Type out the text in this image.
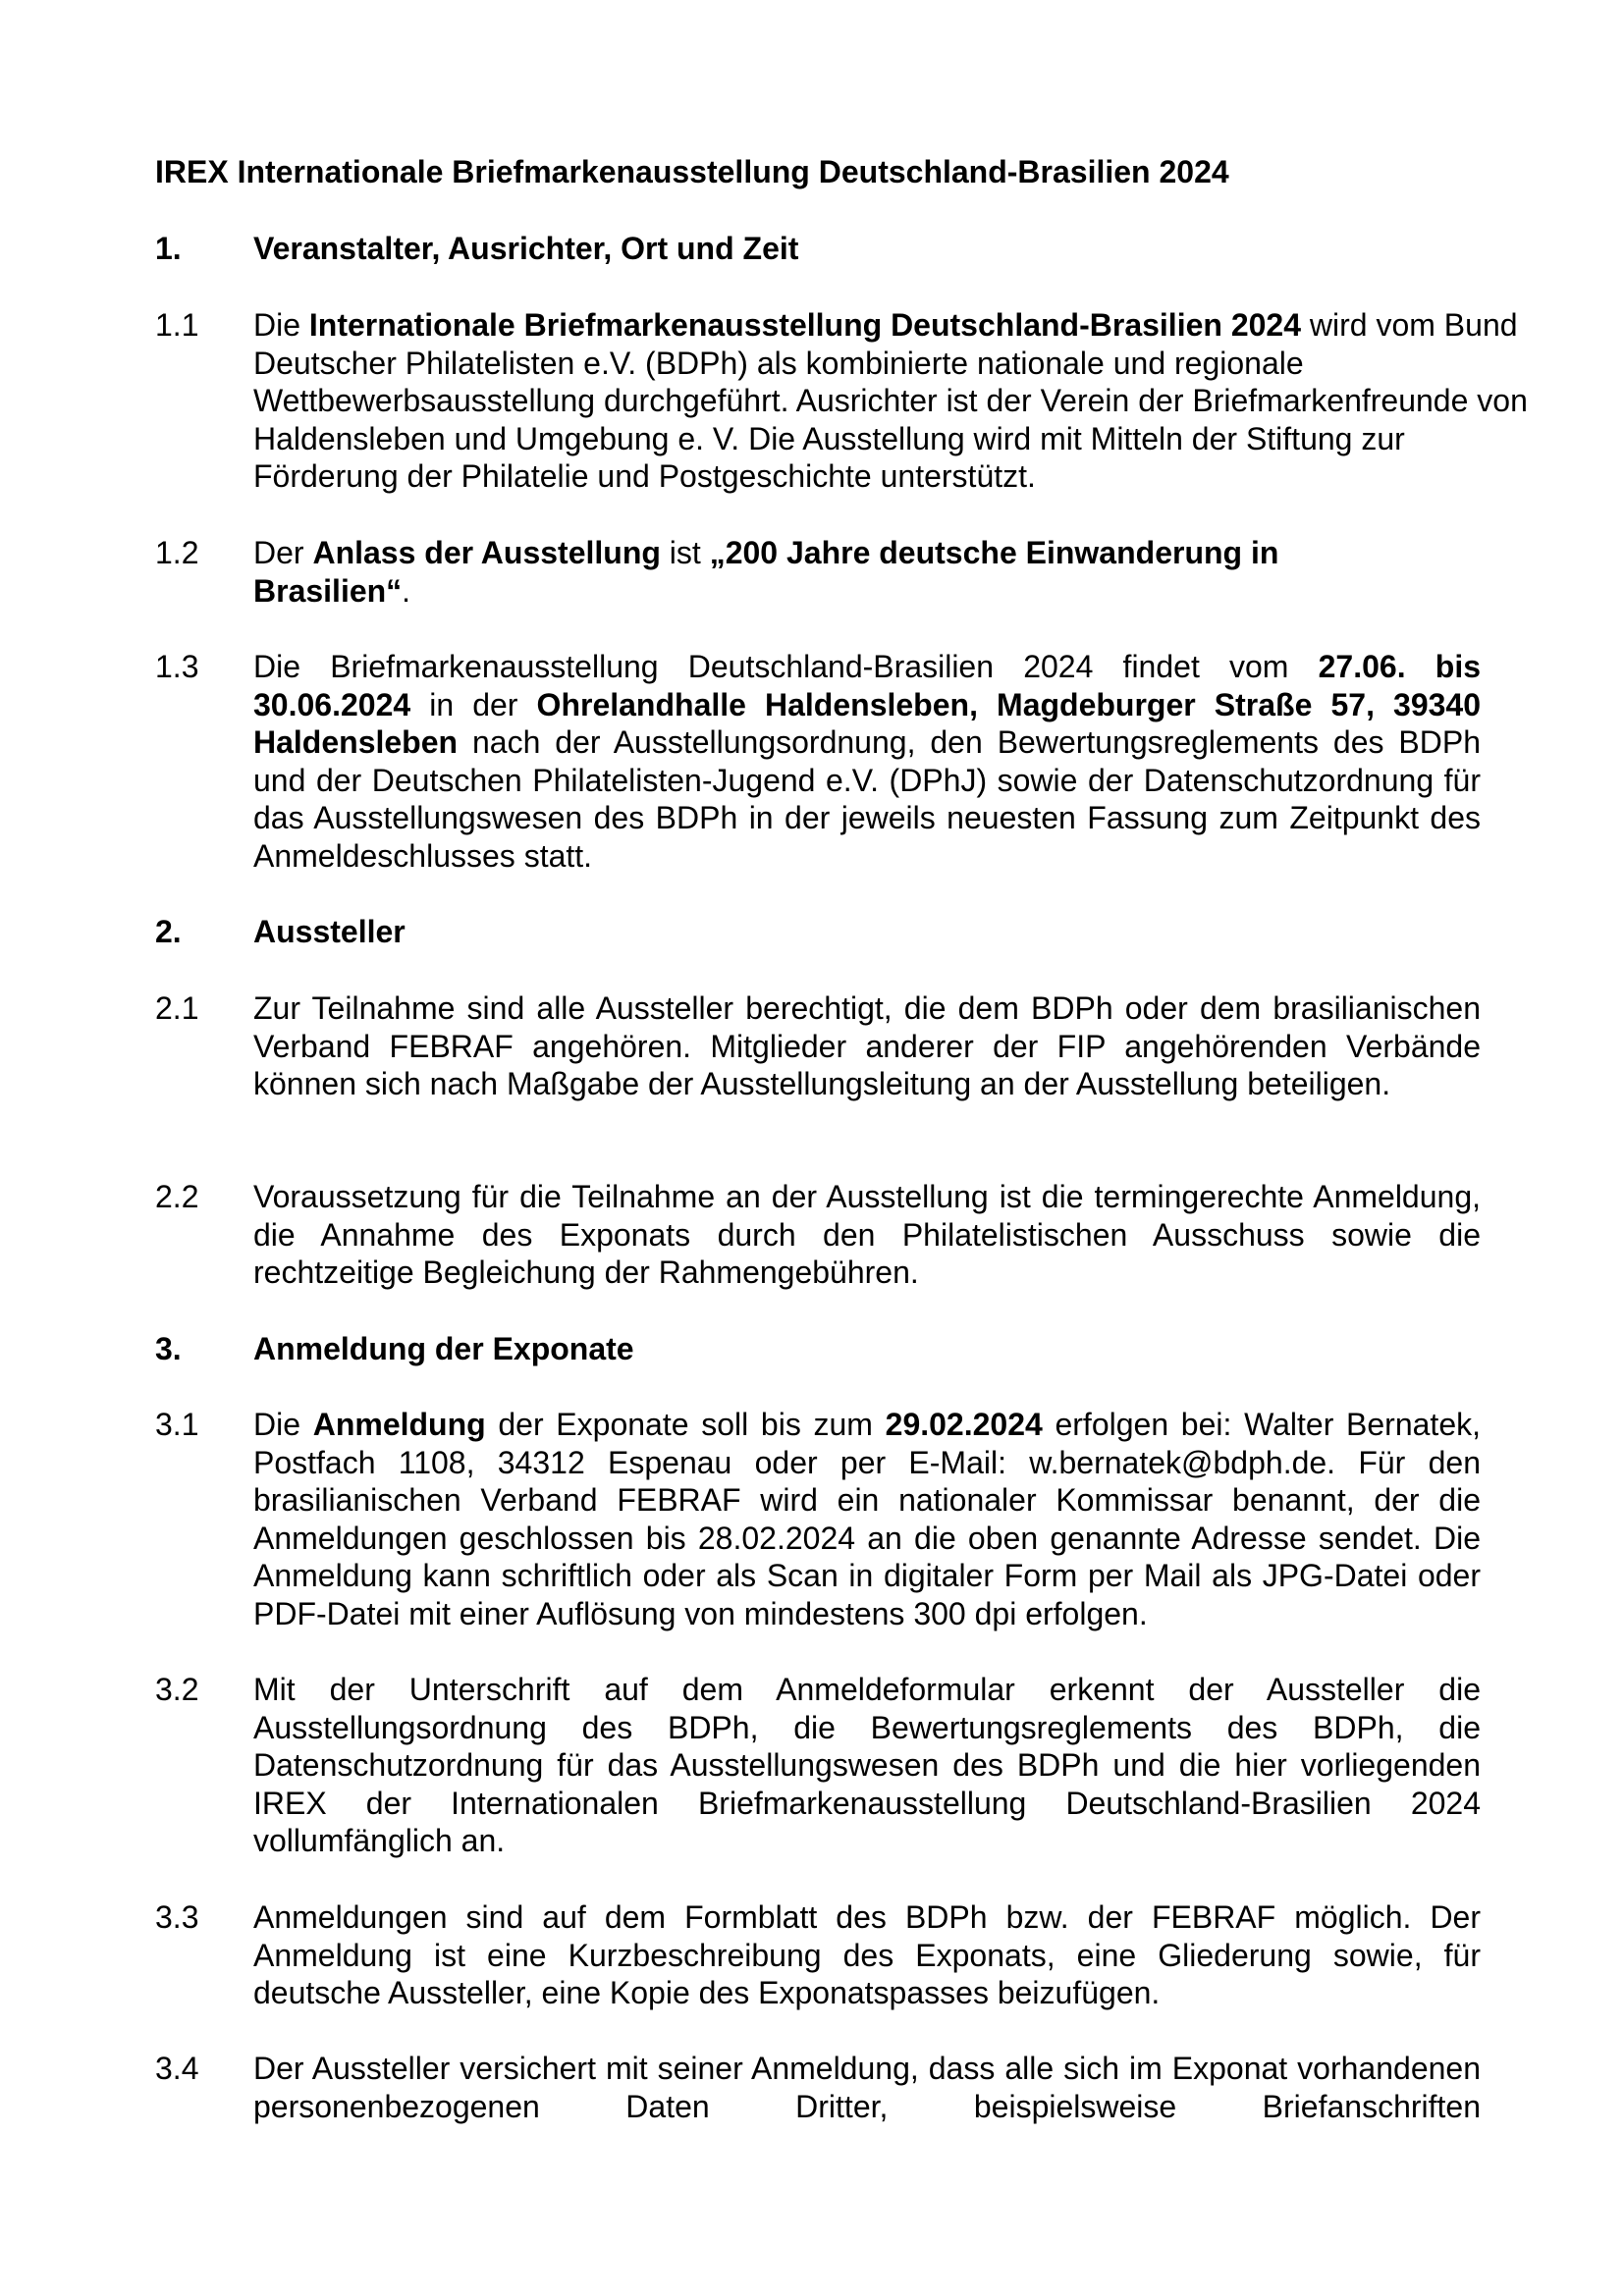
IREX Internationale Briefmarkenausstellung Deutschland-Brasilien 2024
1. Veranstalter, Ausrichter, Ort und Zeit
1.1 Die Internationale Briefmarkenausstellung Deutschland-Brasilien 2024 wird vom Bund Deutscher Philatelisten e.V. (BDPh) als kombinierte nationale und regionale Wettbewerbsausstellung durchgeführt. Ausrichter ist der Verein der Briefmarkenfreunde von Haldensleben und Umgebung e. V. Die Ausstellung wird mit Mitteln der Stiftung zur Förderung der Philatelie und Postgeschichte unterstützt.

1.2 Der Anlass der Ausstellung ist „200 Jahre deutsche Einwanderung in Brasilien“.

1.3 Die Briefmarkenausstellung Deutschland-Brasilien 2024 findet vom 27.06. bis 30.06.2024 in der Ohrelandhalle Haldensleben, Magdeburger Straße 57, 39340 Haldensleben nach der Ausstellungsordnung, den Bewertungsreglements des BDPh und der Deutschen Philatelisten-Jugend e.V. (DPhJ) sowie der Datenschutzordnung für das Ausstellungswesen des BDPh in der jeweils neuesten Fassung zum Zeitpunkt des Anmeldeschlusses statt.

2. Aussteller
2.1 Zur Teilnahme sind alle Aussteller berechtigt, die dem BDPh oder dem brasilianischen Verband FEBRAF angehören. Mitglieder anderer der FIP angehörenden Verbände können sich nach Maßgabe der Ausstellungsleitung an der Ausstellung beteiligen.

2.2 Voraussetzung für die Teilnahme an der Ausstellung ist die termingerechte Anmeldung, die Annahme des Exponats durch den Philatelistischen Ausschuss sowie die rechtzeitige Begleichung der Rahmengebühren.

3. Anmeldung der Exponate
3.1 Die Anmeldung der Exponate soll bis zum 29.02.2024 erfolgen bei: Walter Bernatek, Postfach 1108, 34312 Espenau oder per E-Mail: w.bernatek@bdph.de. Für den brasilianischen Verband FEBRAF wird ein nationaler Kommissar benannt, der die Anmeldungen geschlossen bis 28.02.2024 an die oben genannte Adresse sendet. Die Anmeldung kann schriftlich oder als Scan in digitaler Form per Mail als JPG-Datei oder PDF-Datei mit einer Auflösung von mindestens 300 dpi erfolgen.

3.2 Mit der Unterschrift auf dem Anmeldeformular erkennt der Aussteller die Ausstellungsordnung des BDPh, die Bewertungsreglements des BDPh, die Datenschutzordnung für das Ausstellungswesen des BDPh und die hier vorliegenden IREX der Internationalen Briefmarkenausstellung Deutschland-Brasilien 2024 vollumfänglich an.

3.3 Anmeldungen sind auf dem Formblatt des BDPh bzw. der FEBRAF möglich. Der Anmeldung ist eine Kurzbeschreibung des Exponats, eine Gliederung sowie, für deutsche Aussteller, eine Kopie des Exponatspasses beizufügen.

3.4 Der Aussteller versichert mit seiner Anmeldung, dass alle sich im Exponat vorhandenen personenbezogenen Daten Dritter, beispielsweise Briefanschriften
